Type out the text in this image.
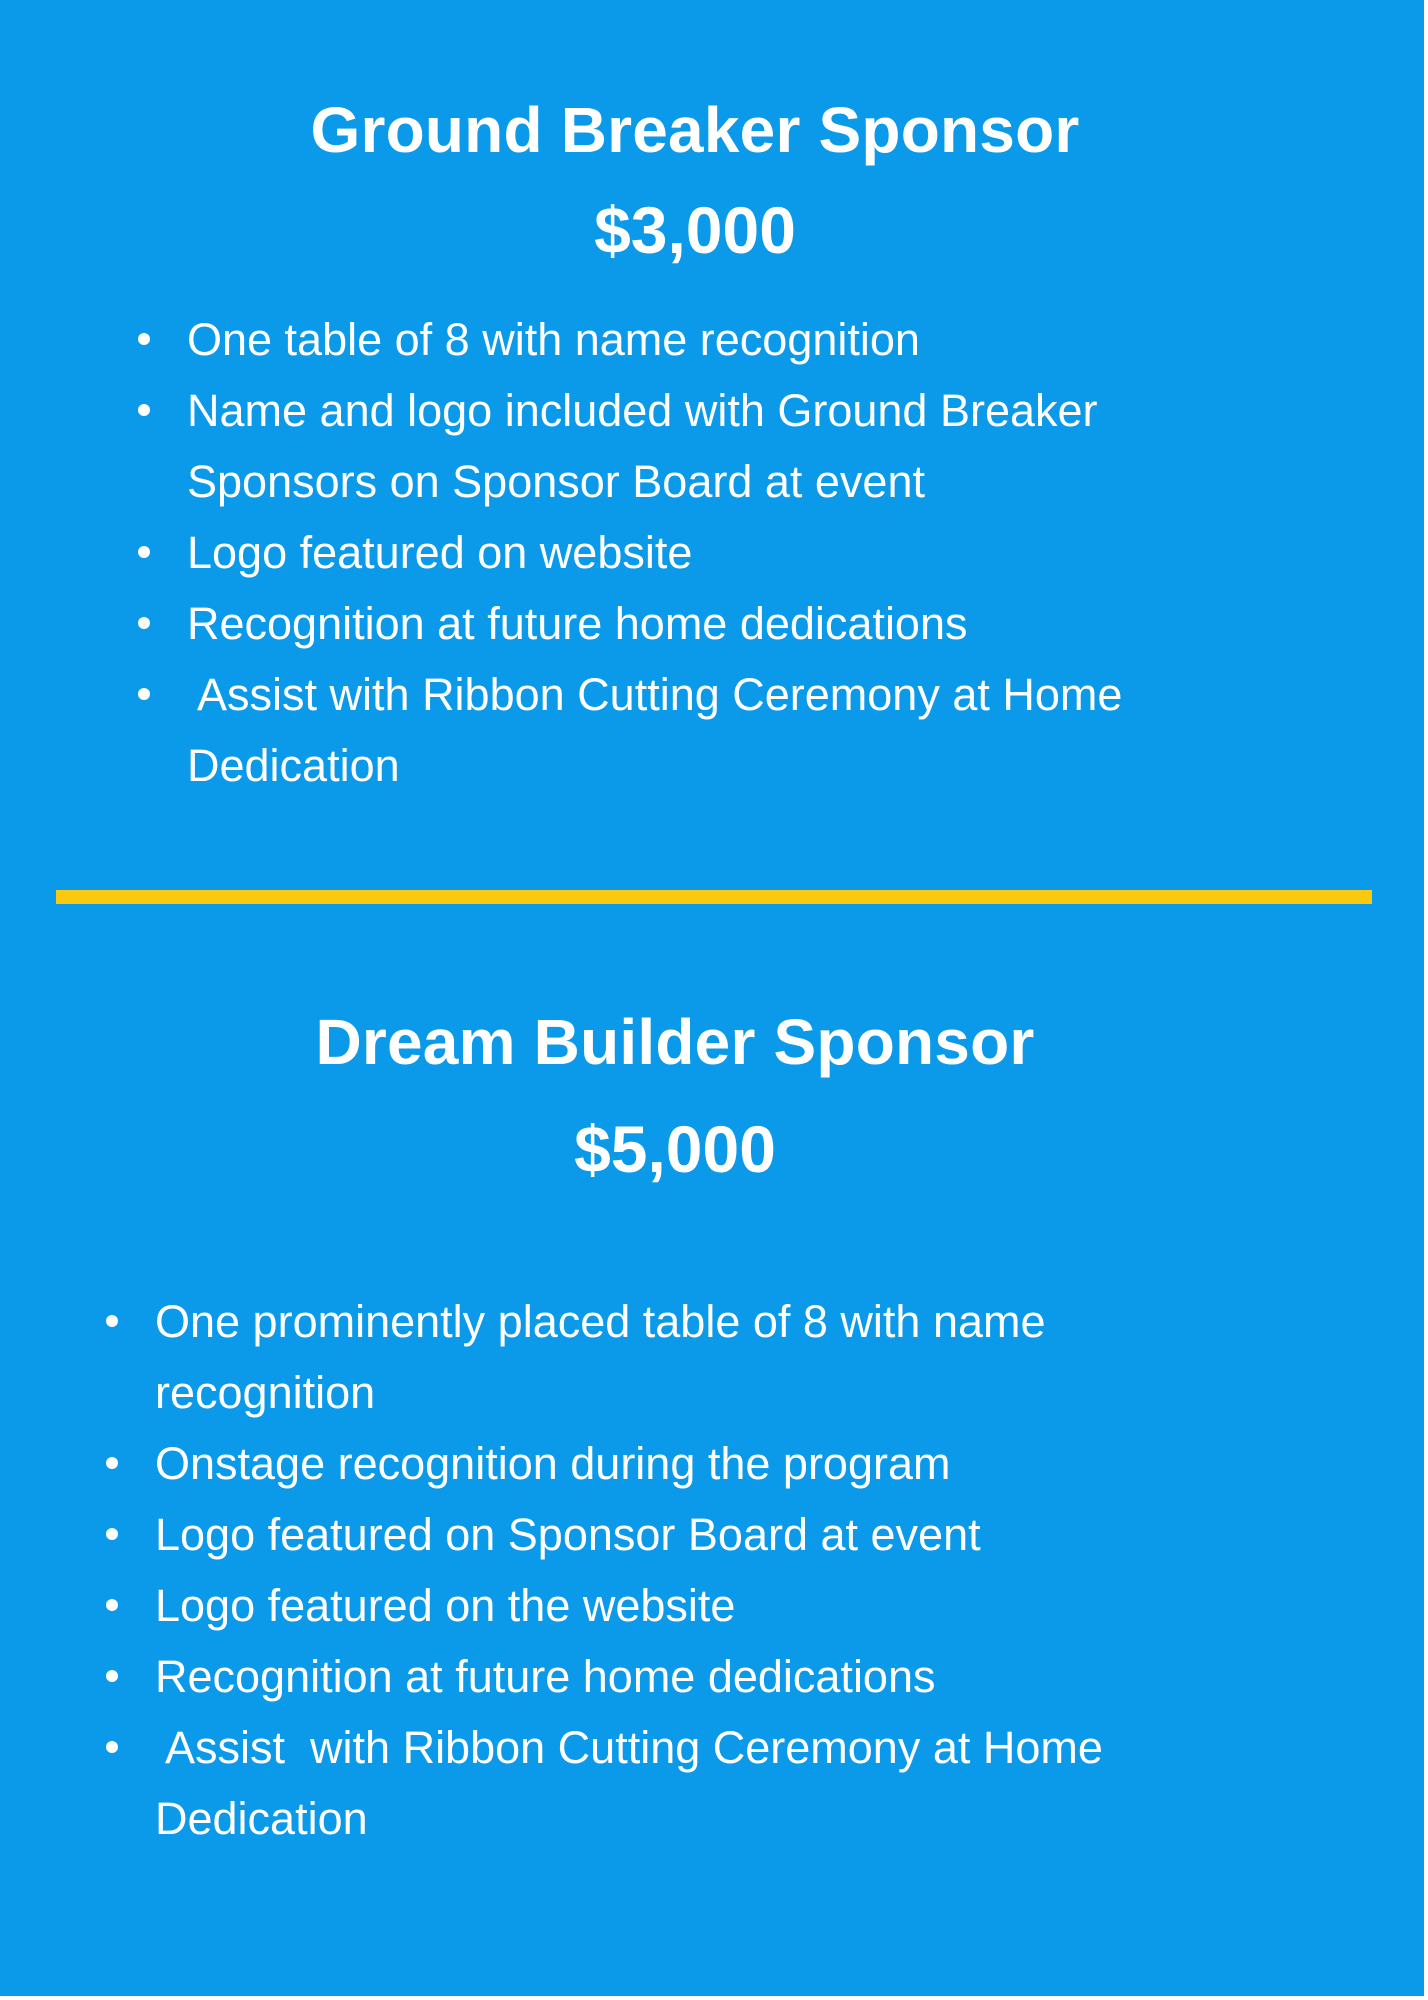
Ground Breaker Sponsor
$3,000
One table of 8 with name recognition
Name and logo included with Ground Breaker
Sponsors on Sponsor Board at event
Logo featured on website
Recognition at future home dedications
Assist with Ribbon Cutting Ceremony at Home
Dedication
Dream Builder Sponsor
$5,000
One prominently placed table of 8 with name
recognition
Onstage recognition during the program
Logo featured on Sponsor Board at event
Logo featured on the website
Recognition at future home dedications
Assist  with Ribbon Cutting Ceremony at Home
Dedication
